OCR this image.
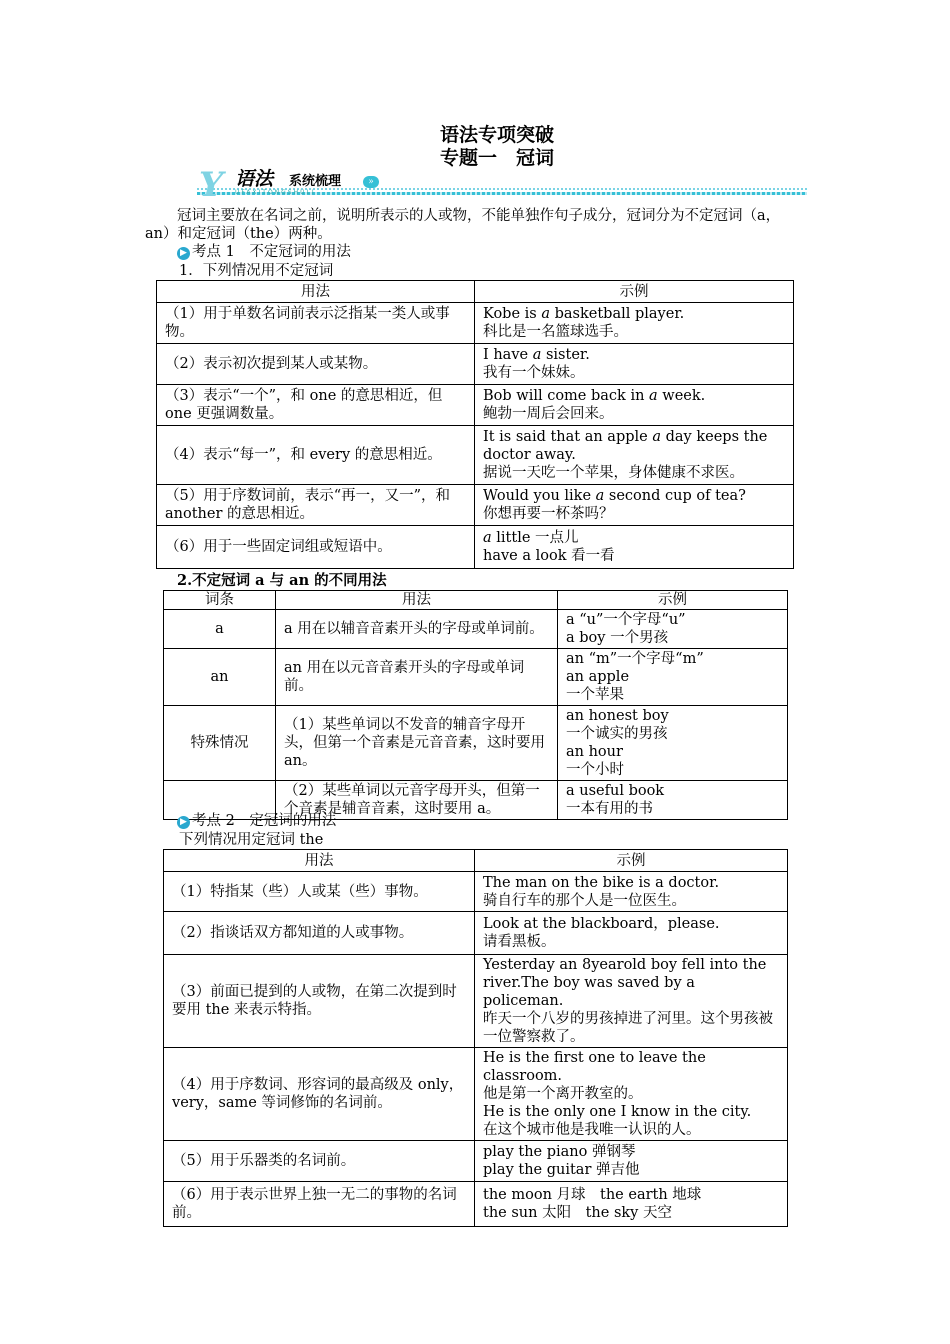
语法专项突破
专题一　冠词
Y 语法 系统梳理
UFAXITONGSHULI
»
冠词主要放在名词之前，说明所表示的人或物，不能单独作句子成分，冠词分为不定冠词（a，an）和定冠词（the）两种。
▶ 考点 1　不定冠词的用法
1．下列情况用不定冠词
用法	示例
（1）用于单数名词前表示泛指某一类人或事物。	Kobe is a basketball player.
科比是一名篮球选手。
（2）表示初次提到某人或某物。	I have a sister.
我有一个妹妹。
（3）表示“一个”，和 one 的意思相近，但 one 更强调数量。	Bob will come back in a week.
鲍勃一周后会回来。
（4）表示“每一”，和 every 的意思相近。	It is said that an apple a day keeps the doctor away.
据说一天吃一个苹果，身体健康不求医。
（5）用于序数词前，表示“再一，又一”，和 another 的意思相近。	Would you like a second cup of tea?
你想再要一杯茶吗？
（6）用于一些固定词组或短语中。	a little 一点儿
have a look 看一看
2.不定冠词 a 与 an 的不同用法
词条	用法	示例
a	a 用在以辅音音素开头的字母或单词前。	a “u”一个字母“u”
a boy 一个男孩
an	an 用在以元音音素开头的字母或单词前。	an “m”一个字母“m”
an apple
一个苹果
特殊情况	（1）某些单词以不发音的辅音字母开头，但第一个音素是元音音素，这时要用 an。	an honest boy
一个诚实的男孩
an hour
一个小时
	（2）某些单词以元音字母开头，但第一个音素是辅音音素，这时要用 a。	a useful book
一本有用的书
▶ 考点 2　定冠词的用法
下列情况用定冠词 the
用法	示例
（1）特指某（些）人或某（些）事物。	The man on the bike is a doctor.
骑自行车的那个人是一位医生。
（2）指谈话双方都知道的人或事物。	Look at the blackboard，please.
请看黑板。
（3）前面已提到的人或物，在第二次提到时要用 the 来表示特指。	Yesterday an 8yearold boy fell into the river.The boy was saved by a policeman.
昨天一个八岁的男孩掉进了河里。这个男孩被一位警察救了。
（4）用于序数词、形容词的最高级及 only，very，same 等词修饰的名词前。	He is the first one to leave the classroom.
他是第一个离开教室的。
He is the only one I know in the city.
在这个城市他是我唯一认识的人。
（5）用于乐器类的名词前。	play the piano 弹钢琴
play the guitar 弹吉他
（6）用于表示世界上独一无二的事物的名词前。	the moon 月球　the earth 地球
the sun 太阳　the sky 天空
